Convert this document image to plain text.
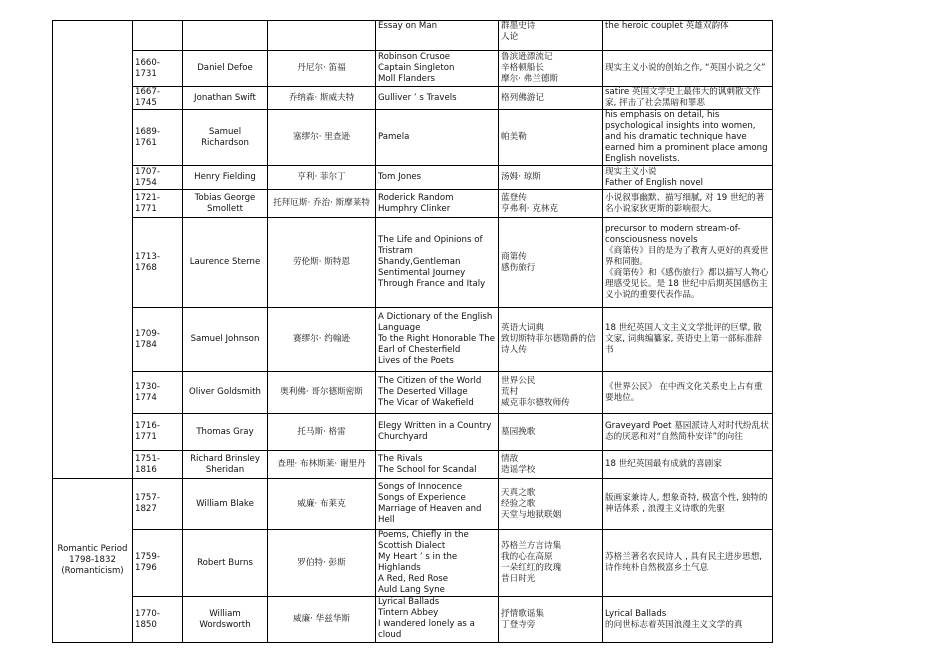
				Essay on Man	群墨史诗
人论	the heroic couplet 英雄双韵体

	1660-1731	Daniel Defoe	丹尼尔· 笛福	Robinson Crusoe
Captain Singleton
Moll Flanders	鲁滨逊漂流记
辛格顿船长
摩尔· 弗兰德斯	现实主义小说的创始之作, “英国小说之父”

	1667-1745	Jonathan Swift	乔纳森· 斯威夫特	Gulliver ’ s Travels	格列佛游记	satire 英国文学史上最伟大的讽刺散文作家, 抨击了社会黑暗和罪恶

	1689-1761	Samuel Richardson	塞缪尔· 里查逊	Pamela	帕美勒	his emphasis on detail, his psychological insights into women, and his dramatic technique have earned him a prominent place among English novelists.

	1707-1754	Henry Fielding	亨利· 菲尔丁	Tom Jones	汤姆· 琼斯	现实主义小说
Father of English novel

	1721-1771	Tobias George Smollett	托拜厄斯· 乔治· 斯摩莱特	Roderick Random
Humphry Clinker	蓝登传
亨弗利· 克林克	小说叙事幽默、描写细腻, 对 19 世纪的著名小说家狄更斯的影响很大。

	1713-1768	Laurence Sterne	劳伦斯· 斯特恩	The Life and Opinions of Tristram Shandy,Gentleman
Sentimental Journey Through France and Italy	商第传
感伤旅行	precursor to modern stream-of-consciousness novels
《商第传》目的是为了教育人更好的真爱世界和同胞。
《商第传》和《感伤旅行》都以描写人物心理感受见长。是 18 世纪中后期英国感伤主义小说的重要代表作品。

	1709-1784	Samuel Johnson	赛缪尔· 约翰逊	A Dictionary of the English Language
To the Right Honorable The Earl of Chesterfield
Lives of the Poets	英语大词典
致切斯特菲尔德勋爵的信
诗人传	18 世纪英国人文主义文学批评的巨擘, 散文家, 词典编纂家, 英语史上第一部标准辞书

	1730-1774	Oliver Goldsmith	奥利佛· 哥尔德斯密斯	The Citizen of the World
The Deserted Village
The Vicar of Wakefield	世界公民
荒村
威克菲尔德牧师传	《世界公民》 在中西文化关系史上占有重要地位。

	1716-1771	Thomas Gray	托马斯· 格雷	Elegy Written in a Country Churchyard	墓园挽歌	Graveyard Poet 墓园派诗人对时代纷乱状态的厌恶和对“自然简朴安详”的向往

	1751-1816	Richard Brinsley Sheridan	查理· 布林斯莱· 谢里丹	The Rivals
The School for Scandal	情敌
造谣学校	18 世纪英国最有成就的喜剧家

Romantic Period
1798-1832
(Romanticism)	1757-1827	William Blake	威廉· 布莱克	Songs of Innocence
Songs of Experience
Marriage of Heaven and Hell	天真之歌
经验之歌
天堂与地狱联姻	版画家兼诗人, 想象奇特, 极富个性, 独特的神话体系 , 浪漫主义诗歌的先驱

	1759-1796	Robert Burns	罗伯特· 彭斯	Poems, Chiefly in the Scottish Dialect
My Heart ’ s in the Highlands
A Red, Red Rose
Auld Lang Syne	苏格兰方言诗集
我的心在高原
一朵红红的玫瑰
昔日时光	苏格兰著名农民诗人 , 具有民主进步思想, 诗作纯朴自然极富乡土气息

	1770-1850	William Wordsworth	威廉· 华兹华斯	Lyrical Ballads
Tintern Abbey
I wandered lonely as a cloud	抒情歌谣集
丁登寺旁	Lyrical Ballads
的问世标志着英国浪漫主义文学的真
